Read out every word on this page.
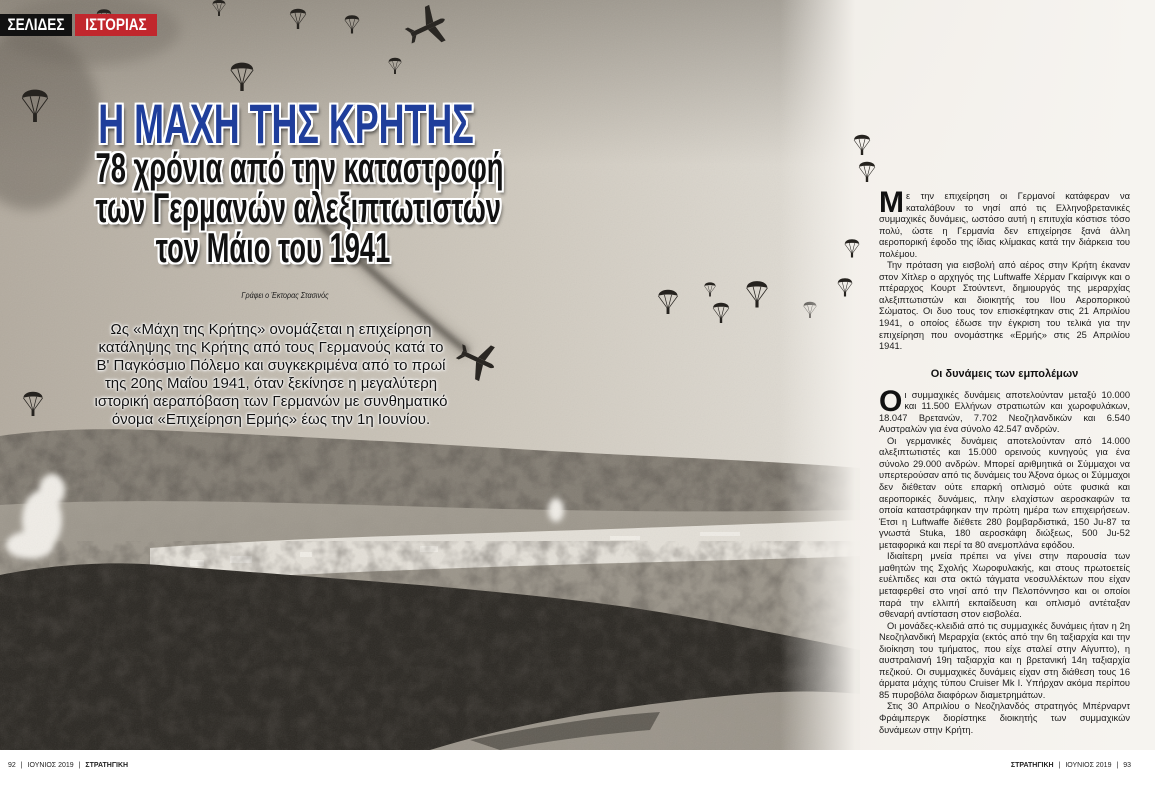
ΣΕΛΙΔΕΣ ΙΣΤΟΡΙΑΣ
Η ΜΑΧΗ ΤΗΣ ΚΡΗΤΗΣ
78 χρόνια από την καταστροφή
των Γερμανών αλεξιπτωτιστών
τον Μάιο του 1941
Γράφει ο Έκτορας Στασινός
Ως «Μάχη της Κρήτης» ονομάζεται η επιχείρηση
κατάληψης της Κρήτης από τους Γερμανούς κατά το
Β' Παγκόσμιο Πόλεμο και συγκεκριμένα από το πρωί
της 20ης Μαΐου 1941, όταν ξεκίνησε η μεγαλύτερη
ιστορική αεραπόβαση των Γερμανών με συνθηματικό
όνομα «Επιχείρηση Ερμής» έως την 1η Ιουνίου.

Με την επιχείρηση οι Γερμανοί κατάφεραν να καταλάβουν το νησί από τις Ελληνοβρετανικές συμμαχικές δυνάμεις, ωστόσο αυτή η επιτυχία κόστισε τόσο πολύ, ώστε η Γερμανία δεν επιχείρησε ξανά άλλη αεροπορική έφοδο της ίδιας κλίμακας κατά την διάρκεια του πολέμου.

Την πρόταση για εισβολή από αέρος στην Κρήτη έκαναν στον Χίτλερ ο αρχηγός της Luftwaffe Χέρμαν Γκαίρινγκ και ο πτέραρχος Κουρτ Στούντεντ, δημιουργός της μεραρχίας αλεξιπτωτιστών και διοικητής του ΙΙου Αεροπορικού Σώματος. Οι δυο τους τον επισκέφτηκαν στις 21 Απριλίου 1941, ο οποίος έδωσε την έγκριση του τελικά για την επιχείρηση που ονομάστηκε «Ερμής» στις 25 Απριλίου 1941.

Οι δυνάμεις των εμπολέμων

Οι συμμαχικές δυνάμεις αποτελούνταν μεταξύ 10.000 και 11.500 Ελλήνων στρατιωτών και χωροφυλάκων, 18.047 Βρετανών, 7.702 Νεοζηλανδικών και 6.540 Αυστραλών για ένα σύνολο 42.547 ανδρών.

Οι γερμανικές δυνάμεις αποτελούνταν από 14.000 αλεξιπτωτιστές και 15.000 ορεινούς κυνηγούς για ένα σύνολο 29.000 ανδρών. Μπορεί αριθμητικά οι Σύμμαχοι να υπερτερούσαν από τις δυνάμεις του Άξονα όμως οι Σύμμαχοι δεν διέθεταν ούτε επαρκή οπλισμό ούτε φυσικά και αεροπορικές δυνάμεις, πλην ελαχίστων αεροσκαφών τα οποία καταστράφηκαν την πρώτη ημέρα των επιχειρήσεων. Έτσι η Luftwaffe διέθετε 280 βομβαρδιστικά, 150 Ju-87 τα γνωστά Stuka, 180 αεροσκάφη διώξεως, 500 Ju-52 μεταφορικά και περί τα 80 ανεμοπλάνα εφόδου.

Ιδιαίτερη μνεία πρέπει να γίνει στην παρουσία των μαθητών της Σχολής Χωροφυλακής, και στους πρωτοετείς ευέλπιδες και στα οκτώ τάγματα νεοσυλλέκτων που είχαν μεταφερθεί στο νησί από την Πελοπόννησο και οι οποίοι παρά την ελλιπή εκπαίδευση και οπλισμό αντέταξαν σθεναρή αντίσταση στον εισβολέα.

Οι μονάδες-κλειδιά από τις συμμαχικές δυνάμεις ήταν η 2η Νεοζηλανδική Μεραρχία (εκτός από την 6η ταξιαρχία και την διοίκηση του τμήματος, που είχε σταλεί στην Αίγυπτο), η αυστραλιανή 19η ταξιαρχία και η βρετανική 14η ταξιαρχία πεζικού. Οι συμμαχικές δυνάμεις είχαν στη διάθεση τους 16 άρματα μάχης τύπου Cruiser Mk I. Υπήρχαν ακόμα περίπου 85 πυροβόλα διαφόρων διαμετρημάτων.

Στις 30 Απριλίου ο Νεοζηλανδός στρατηγός Μπέρναρντ Φράιμπεργκ διορίστηκε διοικητής των συμμαχικών δυνάμεων στην Κρήτη.

92 | ΙΟΥΝΙΟΣ 2019 | ΣΤΡΑΤΗΓΙΚΗ	ΣΤΡΑΤΗΓΙΚΗ | ΙΟΥΝΙΟΣ 2019 | 93
